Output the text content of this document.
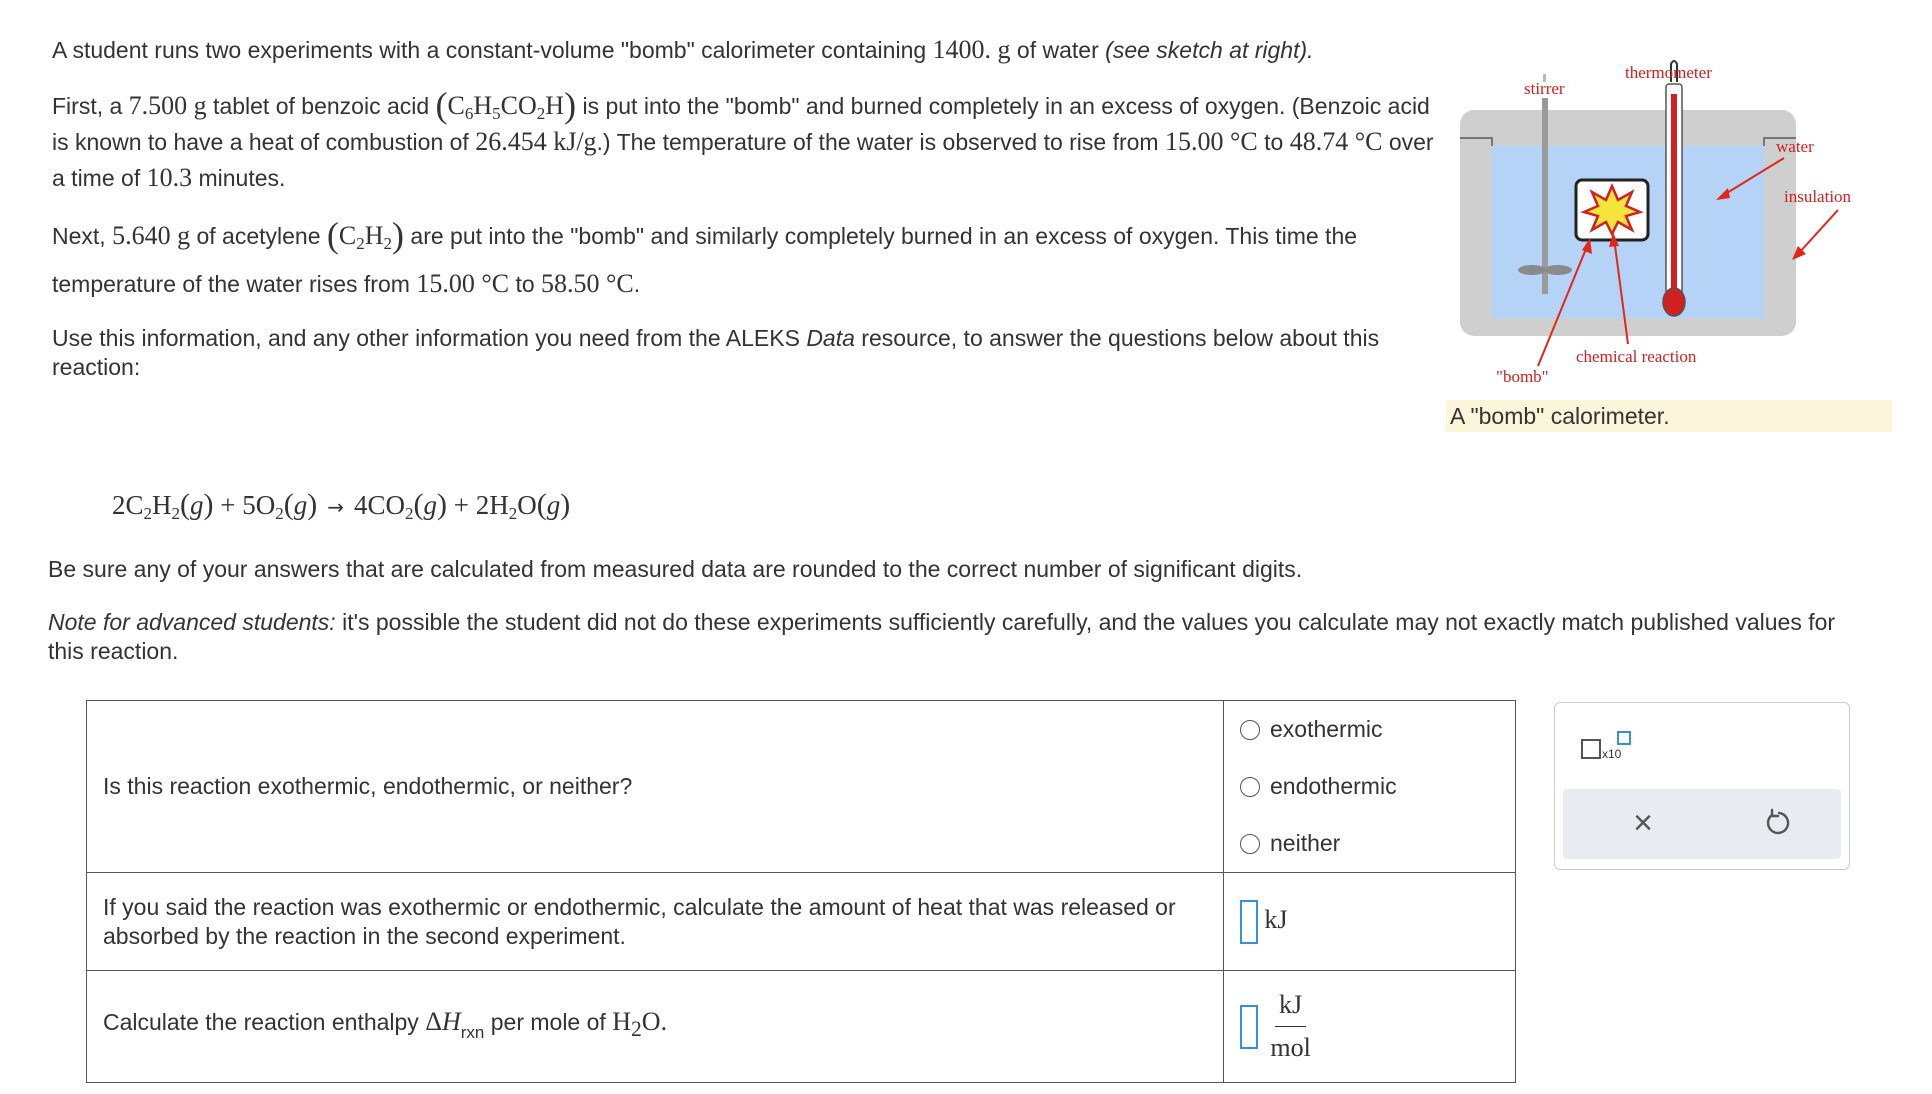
A student runs two experiments with a constant-volume "bomb" calorimeter containing 1400. g of water (see sketch at right).

First, a 7.500 g tablet of benzoic acid $(C_6H_5CO_2H)$ is put into the "bomb" and burned completely in an excess of oxygen. (Benzoic acid is known to have a heat of combustion of 26.454 kJ/g.) The temperature of the water is observed to rise from 15.00 °C to 48.74 °C over a time of 10.3 minutes.

Next, 5.640 g of acetylene $(C_2H_2)$ are put into the "bomb" and similarly completely burned in an excess of oxygen. This time the temperature of the water rises from 15.00 °C to 58.50 °C.

Use this information, and any other information you need from the ALEKS Data resource, to answer the questions below about this reaction:

stirrer
thermometer
water
insulation
chemical reaction
"bomb"
A "bomb" calorimeter.
$2C_2H_2(g) + 5O_2(g) \to 4CO_2(g) + 2H_2O(g)$
Be sure any of your answers that are calculated from measured data are rounded to the correct number of significant digits.
Note for advanced students: it's possible the student did not do these experiments sufficiently carefully, and the values you calculate may not exactly match published values for this reaction.
Is this reaction exothermic, endothermic, or neither?	exothermic
endothermic
neither

If you said the reaction was exothermic or endothermic, calculate the amount of heat that was released or absorbed by the reaction in the second experiment.	kJ
Calculate the reaction enthalpy $\Delta H_{rxn}$ per mole of $H_2O$.	$\frac{kJ}{\text{mol}}$
x10
×
